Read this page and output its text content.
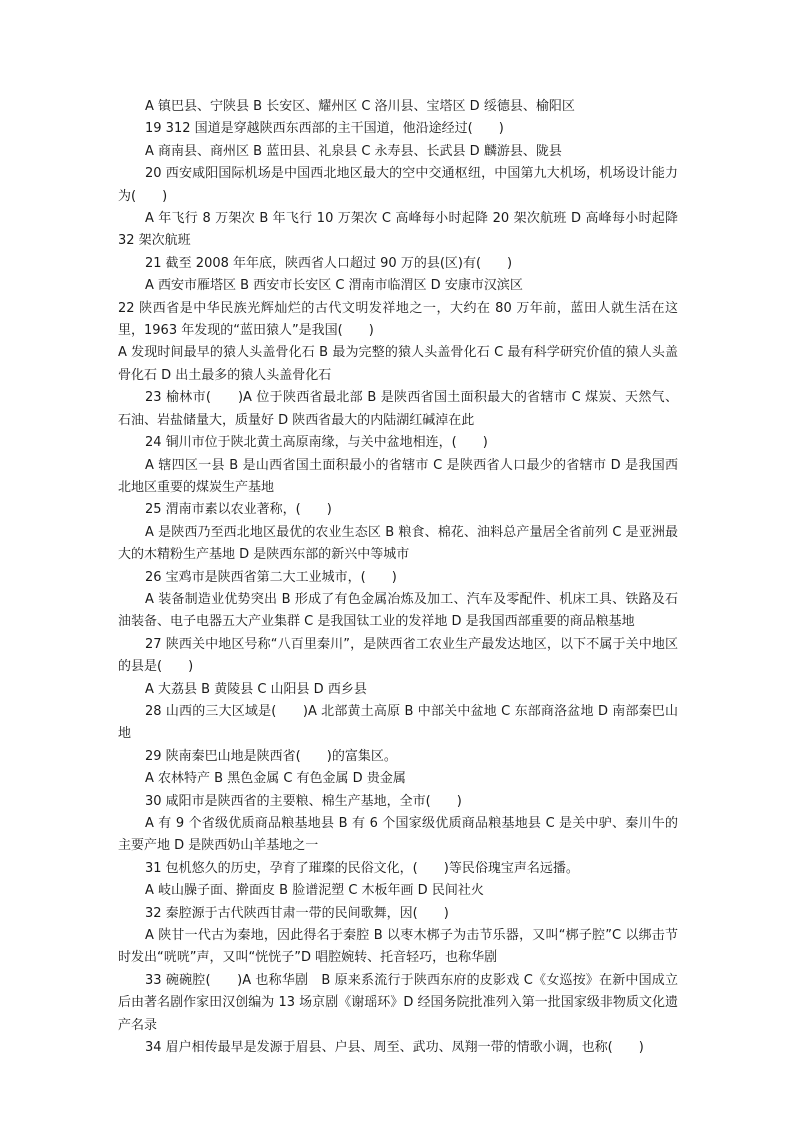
A 镇巴县、宁陕县 B 长安区、耀州区 C 洛川县、宝塔区 D 绥德县、榆阳区

19 312 国道是穿越陕西东西部的主干国道，他沿途经过(　　)

A 商南县、商州区 B 蓝田县、礼泉县 C 永寿县、长武县 D 麟游县、陇县

20 西安咸阳国际机场是中国西北地区最大的空中交通枢纽，中国第九大机场，机场设计能力为(　　)

A 年飞行 8 万架次 B 年飞行 10 万架次 C 高峰每小时起降 20 架次航班 D 高峰每小时起降 32 架次航班

21 截至 2008 年年底，陕西省人口超过 90 万的县(区)有(　　)

A 西安市雁塔区 B 西安市长安区 C 渭南市临渭区 D 安康市汉滨区

22 陕西省是中华民族光辉灿烂的古代文明发祥地之一，大约在 80 万年前，蓝田人就生活在这里，1963 年发现的“蓝田猿人”是我国(　　)

A 发现时间最早的猿人头盖骨化石 B 最为完整的猿人头盖骨化石 C 最有科学研究价值的猿人头盖骨化石 D 出土最多的猿人头盖骨化石

23 榆林市(　　)A 位于陕西省最北部 B 是陕西省国土面积最大的省辖市 C 煤炭、天然气、石油、岩盐储量大，质量好 D 陕西省最大的内陆湖红碱淖在此

24 铜川市位于陕北黄土高原南缘，与关中盆地相连，(　　)

A 辖四区一县 B 是山西省国土面积最小的省辖市 C 是陕西省人口最少的省辖市 D 是我国西北地区重要的煤炭生产基地

25 渭南市素以农业著称，(　　)

A 是陕西乃至西北地区最优的农业生态区 B 粮食、棉花、油料总产量居全省前列 C 是亚洲最大的木精粉生产基地 D 是陕西东部的新兴中等城市

26 宝鸡市是陕西省第二大工业城市，(　　)

A 装备制造业优势突出 B 形成了有色金属冶炼及加工、汽车及零配件、机床工具、铁路及石油装备、电子电器五大产业集群 C 是我国钛工业的发祥地 D 是我国西部重要的商品粮基地

27 陕西关中地区号称“八百里秦川”，是陕西省工农业生产最发达地区，以下不属于关中地区的县是(　　)

A 大荔县 B 黄陵县 C 山阳县 D 西乡县

28 山西的三大区域是(　　)A 北部黄土高原 B 中部关中盆地 C 东部商洛盆地 D 南部秦巴山地

29 陕南秦巴山地是陕西省(　　)的富集区。

A 农林特产 B 黑色金属 C 有色金属 D 贵金属

30 咸阳市是陕西省的主要粮、棉生产基地，全市(　　)

A 有 9 个省级优质商品粮基地县 B 有 6 个国家级优质商品粮基地县 C 是关中驴、秦川牛的主要产地 D 是陕西奶山羊基地之一

31 包机悠久的历史，孕育了璀璨的民俗文化，(　　)等民俗瑰宝声名远播。

A 岐山臊子面、擀面皮 B 脸谱泥塑 C 木板年画 D 民间社火

32 秦腔源于古代陕西甘肃一带的民间歌舞，因(　　)

A 陕甘一代古为秦地，因此得名于秦腔 B 以枣木梆子为击节乐器，又叫“梆子腔”C 以绑击节时发出“咣咣”声，又叫“恍恍子”D 唱腔婉转、托音轻巧，也称华剧

33 碗碗腔(　　)A 也称华剧　B 原来系流行于陕西东府的皮影戏 C《女巡按》在新中国成立后由著名剧作家田汉创编为 13 场京剧《谢瑶环》D 经国务院批准列入第一批国家级非物质文化遗产名录

34 眉户相传最早是发源于眉县、户县、周至、武功、凤翔一带的情歌小调，也称(　　)
